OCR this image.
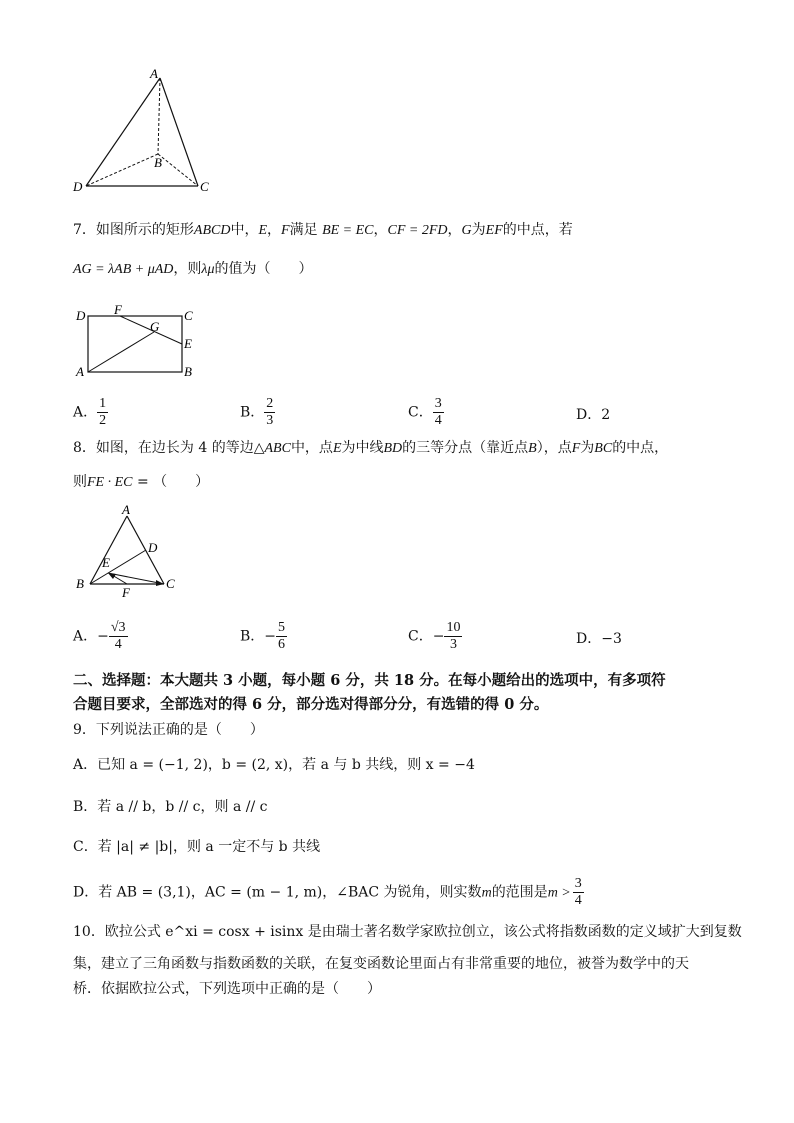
A
B
D	C
7．如图所示的矩形ABCD中，E，F满足 BE = EC，CF = 2FD，G为EF的中点，若
AG = λAB + μAD，则λμ的值为（　　）
D F	C
G
E
A	B
A． $\frac{1}{2}$	B． $\frac{2}{3}$	C． $\frac{3}{4}$	D．2
8．如图，在边长为 4 的等边△ABC中，点E为中线BD的三等分点（靠近点B），点F为BC的中点，
则FE · EC = （　　）
A
D
E
B	C
F
A．− $\frac{√3}{4}$	B．− $\frac{5}{6}$	C．− $\frac{10}{3}$	D．−3
二、选择题：本大题共 3 小题，每小题 6 分，共 18 分。在每小题给出的选项中，有多项符
合题目要求，全部选对的得 6 分，部分选对得部分分，有选错的得 0 分。
9．下列说法正确的是（　　）
A．已知 a = (−1, 2)，b = (2, x)，若 a 与 b 共线，则 x = −4
B．若 a // b，b // c，则 a // c
C．若 |a| ≠ |b|，则 a 一定不与 b 共线
D．若 AB = (3,1)，AC = (m − 1, m)，∠BAC 为锐角，则实数m的范围是$m > \frac{3}{4}$
10．欧拉公式 e^xi = cosx + isinx 是由瑞士著名数学家欧拉创立，该公式将指数函数的定义域扩大到复数
集，建立了三角函数与指数函数的关联，在复变函数论里面占有非常重要的地位，被誉为数学中的天
桥．依据欧拉公式，下列选项中正确的是（　　）
